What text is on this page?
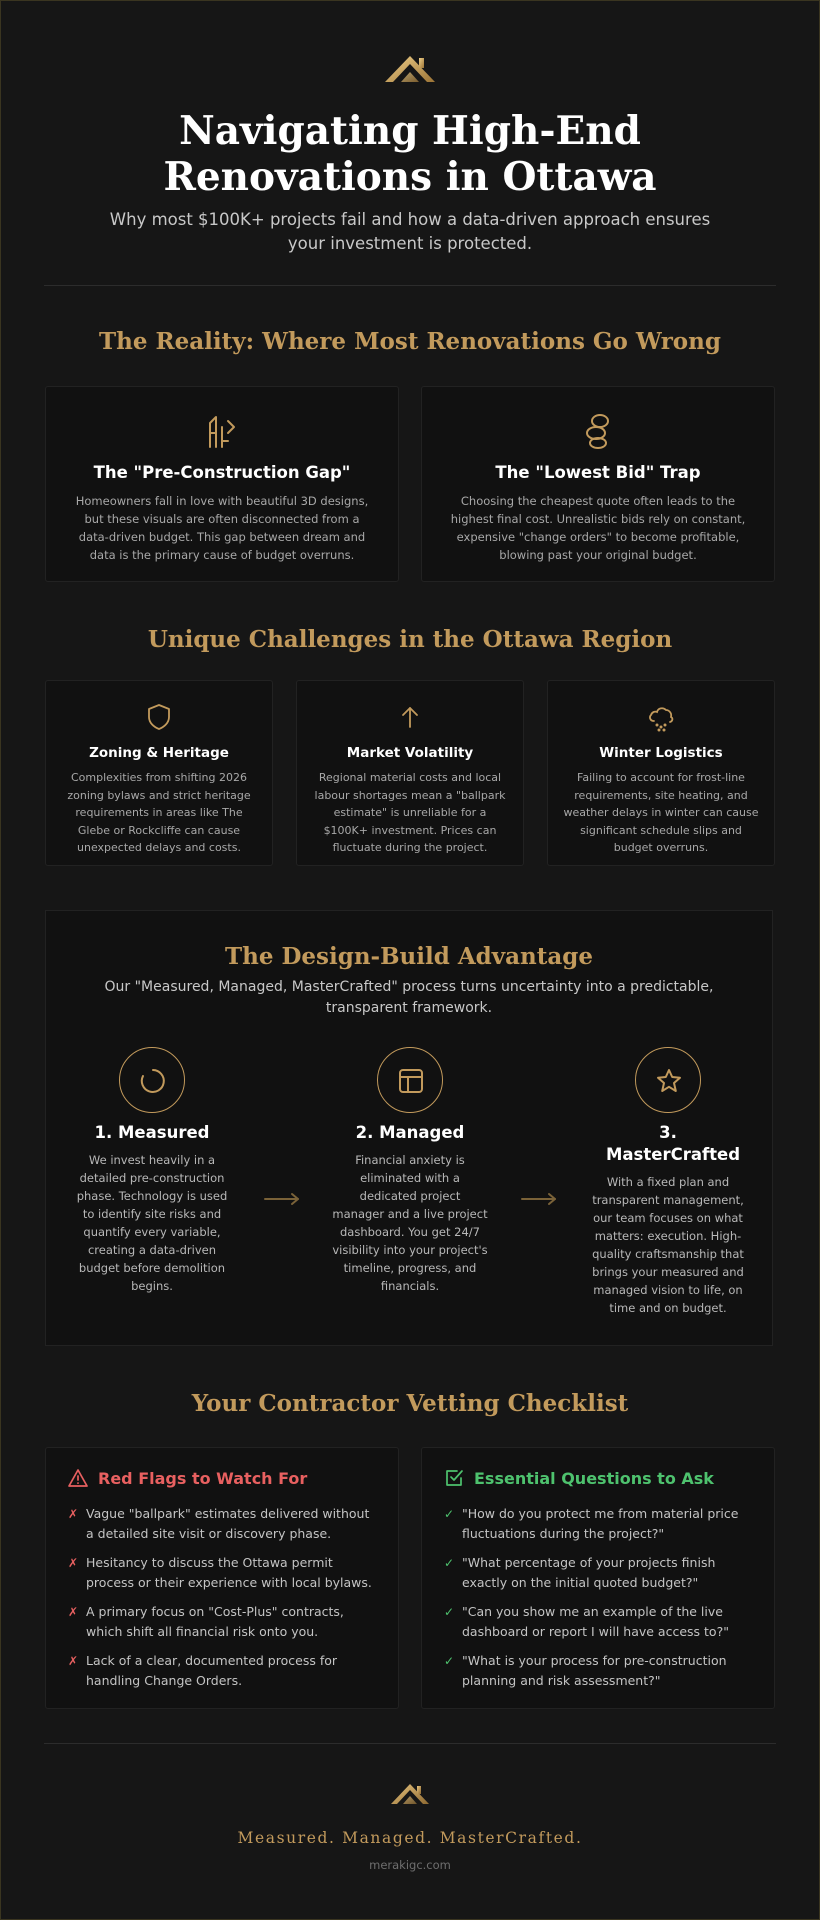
Navigating High-End Renovations in Ottawa

Why most $100K+ projects fail and how a data-driven approach ensures your investment is protected.

The Reality: Where Most Renovations Go Wrong
The "Pre-Construction Gap"
Homeowners fall in love with beautiful 3D designs, but these visuals are often disconnected from a data-driven budget. This gap between dream and data is the primary cause of budget overruns.
The "Lowest Bid" Trap
Choosing the cheapest quote often leads to the highest final cost. Unrealistic bids rely on constant, expensive "change orders" to become profitable, blowing past your original budget.
Unique Challenges in the Ottawa Region
Zoning & Heritage
Complexities from shifting 2026 zoning bylaws and strict heritage requirements in areas like The Glebe or Rockcliffe can cause unexpected delays and costs.
Market Volatility
Regional material costs and local labour shortages mean a "ballpark estimate" is unreliable for a $100K+ investment. Prices can fluctuate during the project.
Winter Logistics
Failing to account for frost-line requirements, site heating, and weather delays in winter can cause significant schedule slips and budget overruns.
The Design-Build Advantage

Our "Measured, Managed, MasterCrafted" process turns uncertainty into a predictable, transparent framework.

1. Measured
We invest heavily in a detailed pre-construction phase. Technology is used to identify site risks and quantify every variable, creating a data-driven budget before demolition begins.
2. Managed
Financial anxiety is eliminated with a dedicated project manager and a live project dashboard. You get 24/7 visibility into your project's timeline, progress, and financials.
3. MasterCrafted
With a fixed plan and transparent management, our team focuses on what matters: execution. High-quality craftsmanship that brings your measured and managed vision to life, on time and on budget.
Your Contractor Vetting Checklist
Red Flags to Watch For
✗ Vague "ballpark" estimates delivered without a detailed site visit or discovery phase.
✗ Hesitancy to discuss the Ottawa permit process or their experience with local bylaws.
✗ A primary focus on "Cost-Plus" contracts, which shift all financial risk onto you.
✗ Lack of a clear, documented process for handling Change Orders.
Essential Questions to Ask
✓ "How do you protect me from material price fluctuations during the project?"
✓ "What percentage of your projects finish exactly on the initial quoted budget?"
✓ "Can you show me an example of the live dashboard or report I will have access to?"
✓ "What is your process for pre-construction planning and risk assessment?"
Measured. Managed. MasterCrafted.
merakigc.com
